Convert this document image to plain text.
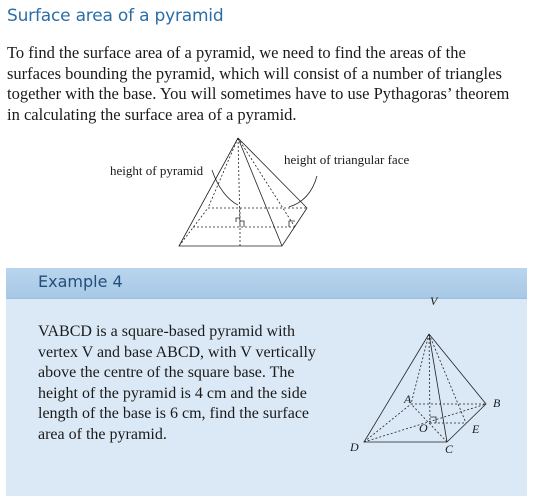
Surface area of a pyramid

To find the surface area of a pyramid, we need to find the areas of the surfaces bounding the pyramid, which will consist of a number of triangles together with the base. You will sometimes have to use Pythagoras’ theorem in calculating the surface area of a pyramid.

height of pyramid
height of triangular face
Example 4

VABCD is a square-based pyramid with vertex V and base ABCD, with V vertically above the centre of the square base. The height of the pyramid is 4 cm and the side length of the base is 6 cm, find the surface area of the pyramid.

V
A	B
C
D
O	E
